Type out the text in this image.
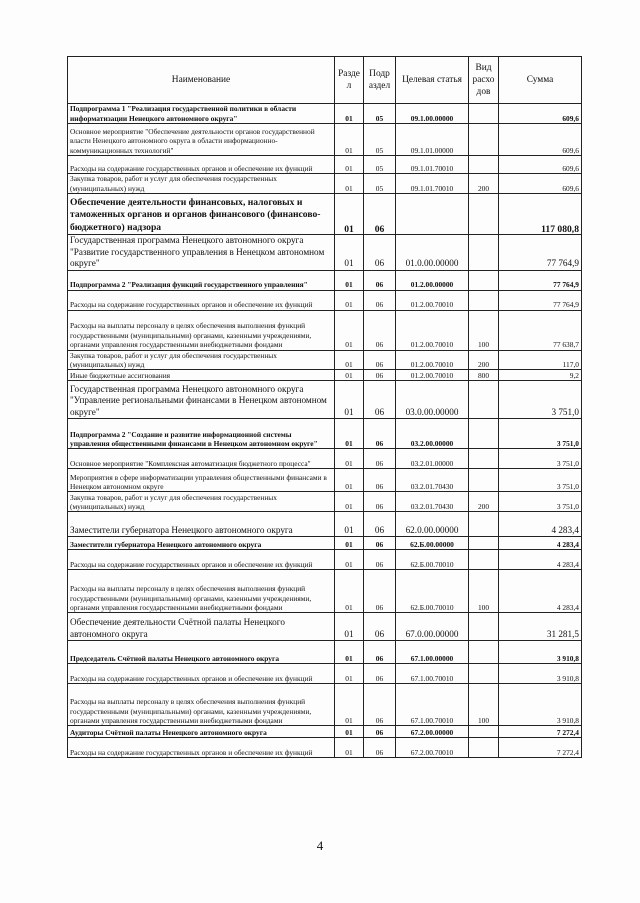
Наименование	Разде л	Подр аздел	Целевая статья	Вид расхо дов	Сумма
Подпрограмма 1 "Реализация государственной политики в области информатизации Ненецкого автономного округа"	01	05	09.1.00.00000		609,6
Основное мероприятие "Обеспечение деятельности органов государственной власти Ненецкого автономного округа в области информационно-коммуникационных технологий"	01	05	09.1.01.00000		609,6
Расходы на содержание государственных органов и обеспечение их функций	01	05	09.1.01.70010		609,6
Закупка товаров, работ и услуг для обеспечения государственных (муниципальных) нужд	01	05	09.1.01.70010	200	609,6
Обеспечение деятельности финансовых, налоговых и таможенных органов и органов финансового (финансово-бюджетного) надзора	01	06			117 080,8
Государственная программа Ненецкого автономного округа "Развитие государственного управления в Ненецком автономном округе"	01	06	01.0.00.00000		77 764,9
Подпрограмма 2 "Реализация функций государственного управления"	01	06	01.2.00.00000		77 764,9
Расходы на содержание государственных органов и обеспечение их функций	01	06	01.2.00.70010		77 764,9
Расходы на выплаты персоналу в целях обеспечения выполнения функций государственными (муниципальными) органами, казенными учреждениями, органами управления государственными внебюджетными фондами	01	06	01.2.00.70010	100	77 638,7
Закупка товаров, работ и услуг для обеспечения государственных (муниципальных) нужд	01	06	01.2.00.70010	200	117,0
Иные бюджетные ассигнования	01	06	01.2.00.70010	800	9,2
Государственная программа Ненецкого автономного округа "Управление региональными финансами в Ненецком автономном округе"	01	06	03.0.00.00000		3 751,0
Подпрограмма 2 "Создание и развитие информационной системы управления общественными финансами в Ненецком автономном округе"	01	06	03.2.00.00000		3 751,0
Основное мероприятие "Комплексная автоматизация бюджетного процесса"	01	06	03.2.01.00000		3 751,0
Мероприятия в сфере информатизации управления общественными финансами в Ненецком автономном округе	01	06	03.2.01.70430		3 751,0
Закупка товаров, работ и услуг для обеспечения государственных (муниципальных) нужд	01	06	03.2.01.70430	200	3 751,0
Заместители губернатора Ненецкого автономного округа	01	06	62.0.00.00000		4 283,4
Заместители губернатора Ненецкого автономного округа	01	06	62.Б.00.00000		4 283,4
Расходы на содержание государственных органов и обеспечение их функций	01	06	62.Б.00.70010		4 283,4
Расходы на выплаты персоналу в целях обеспечения выполнения функций государственными (муниципальными) органами, казенными учреждениями, органами управления государственными внебюджетными фондами	01	06	62.Б.00.70010	100	4 283,4
Обеспечение деятельности Счётной палаты Ненецкого автономного округа	01	06	67.0.00.00000		31 281,5
Председатель Счётной палаты Ненецкого автономного округа	01	06	67.1.00.00000		3 910,8
Расходы на содержание государственных органов и обеспечение их функций	01	06	67.1.00.70010		3 910,8
Расходы на выплаты персоналу в целях обеспечения выполнения функций государственными (муниципальными) органами, казенными учреждениями, органами управления государственными внебюджетными фондами	01	06	67.1.00.70010	100	3 910,8
Аудиторы Счётной палаты Ненецкого автономного округа	01	06	67.2.00.00000		7 272,4
Расходы на содержание государственных органов и обеспечение их функций	01	06	67.2.00.70010		7 272,4
4
